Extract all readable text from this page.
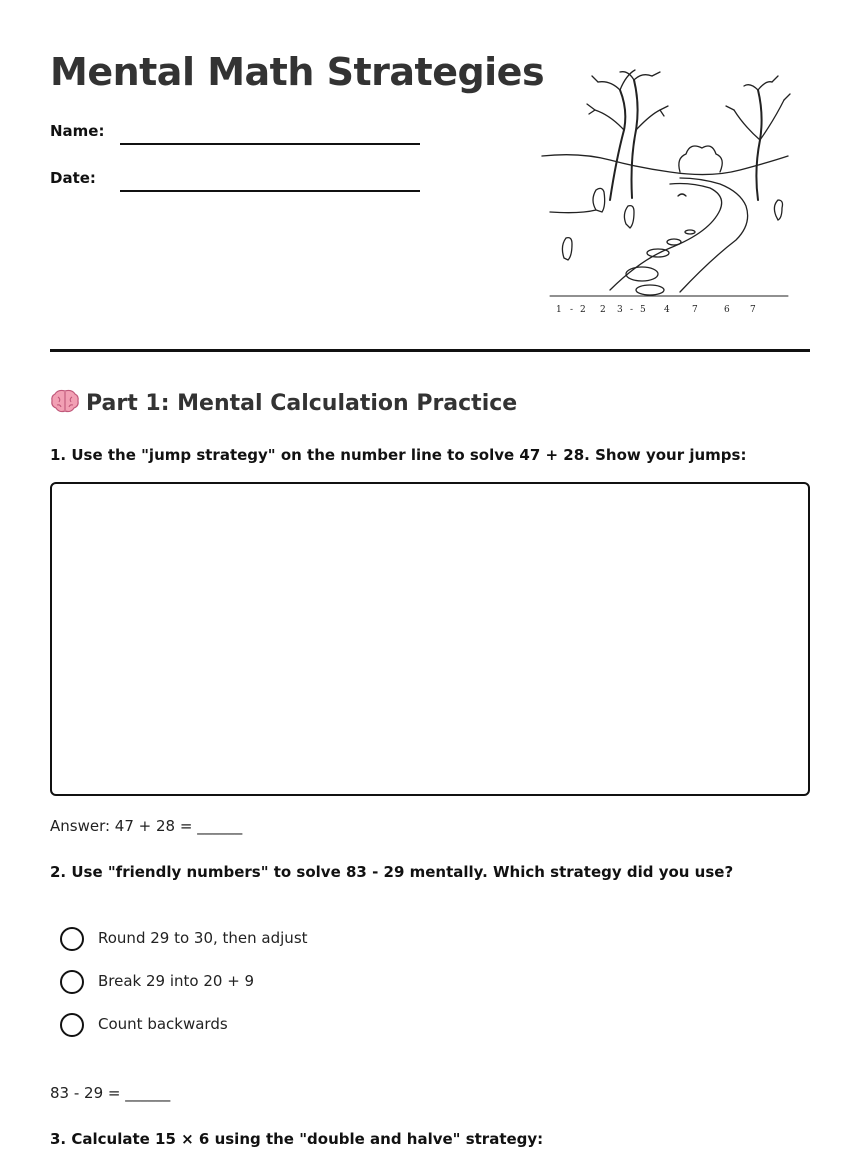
Mental Math Strategies
Name:
Date:
1 - 2 2 3 - 5 4 7	6 7
Part 1: Mental Calculation Practice
1. Use the "jump strategy" on the number line to solve 47 + 28. Show your jumps:
Answer: 47 + 28 = ______
2. Use "friendly numbers" to solve 83 - 29 mentally. Which strategy did you use?
Round 29 to 30, then adjust
Break 29 into 20 + 9
Count backwards
83 - 29 = ______
3. Calculate 15 × 6 using the "double and halve" strategy:
